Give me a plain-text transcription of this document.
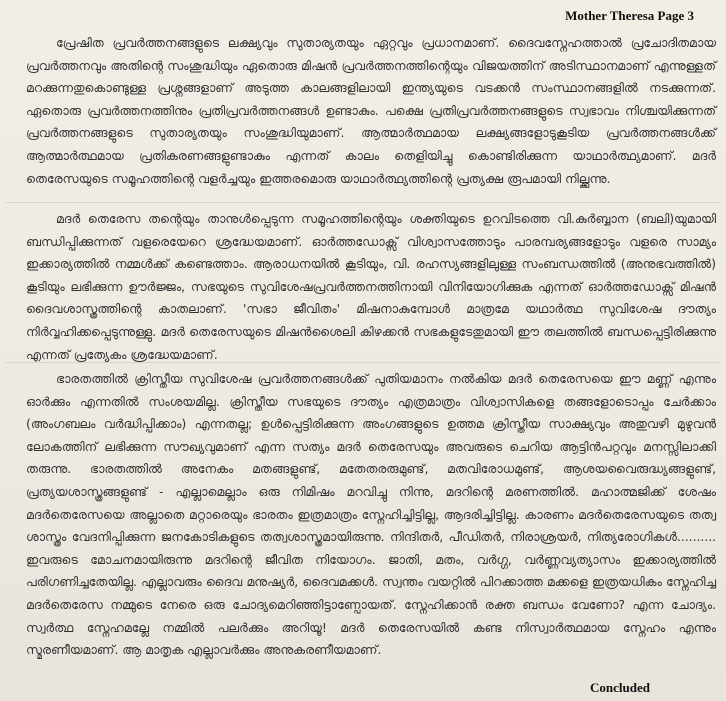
Mother Theresa Page 3
പ്രേഷിത പ്രവർത്തനങ്ങളുടെ ലക്ഷ്യവും സുതാര്യതയും ഏറ്റവും പ്രധാനമാണ്. ദൈവസ്നേഹത്താൽ പ്രചോദിതമായ പ്രവർത്തനവും അതിന്റെ സംശുദ്ധിയും ഏതൊരു മിഷൻ പ്രവർത്തനത്തിന്റെയും വിജയത്തിന് അടിസ്ഥാനമാണ് എന്നുള്ളത് മറക്കുന്നതുകൊണ്ടുള്ള പ്രശ്നങ്ങളാണ് അടുത്ത കാലങ്ങളിലായി ഇന്ത്യയുടെ വടക്കൻ സംസ്ഥാനങ്ങളിൽ നടക്കുന്നത്. ഏതൊരു പ്രവർത്തനത്തിനും പ്രതിപ്രവർത്തനങ്ങൾ ഉണ്ടാകും. പക്ഷെ പ്രതിപ്രവർത്തനങ്ങളുടെ സ്വഭാവം നിശ്ചയിക്കുന്നത് പ്രവർത്തനങ്ങളുടെ സുതാര്യതയും സംശുദ്ധിയുമാണ്. ആത്മാർത്ഥമായ ലക്ഷ്യങ്ങളോടുകൂടിയ പ്രവർത്തനങ്ങൾക്ക് ആത്മാർത്ഥമായ പ്രതികരണങ്ങളുണ്ടാകും എന്നത് കാലം തെളിയിച്ചു കൊണ്ടിരിക്കുന്ന യാഥാർത്ഥ്യമാണ്. മദർ തെരേസയുടെ സമൂഹത്തിന്റെ വളർച്ചയും ഇത്തരമൊരു യാഥാർത്ഥ്യത്തിന്റെ പ്രത്യക്ഷ രൂപമായി നില്ക്കുന്നു.
മദർ തെരേസ തന്റെയും താനുൾപ്പെടുന്ന സമൂഹത്തിന്റെയും ശക്തിയുടെ ഉറവിടത്തെ വി.കുർബ്ബാന (ബലി)യുമായി ബന്ധിപ്പിക്കുന്നത് വളരെയേറെ ശ്രദ്ധേയമാണ്. ഓർത്തഡോക്സ് വിശ്വാസത്തോടും പാരമ്പര്യങ്ങളോടും വളരെ സാമ്യം ഇക്കാര്യത്തിൽ നമ്മൾക്ക് കണ്ടെത്താം. ആരാധനയിൽ കൂടിയും, വി. രഹസ്യങ്ങളിലുള്ള സംബന്ധത്തിൽ (അനുഭവത്തിൽ) കൂടിയും ലഭിക്കുന്ന ഊർജ്ജം, സഭയുടെ സുവിശേഷപ്രവർത്തനത്തിനായി വിനിയോഗിക്കുക എന്നത് ഓർത്തഡോക്സ് മിഷൻ ദൈവശാസ്ത്രത്തിന്റെ കാതലാണ്. 'സഭാ ജീവിതം' മിഷനാകുമ്പോൾ മാത്രമേ യഥാർത്ഥ സുവിശേഷ ദൗത്യം നിർവ്വഹിക്കപ്പെടുന്നുള്ളു. മദർ തെരേസയുടെ മിഷൻശൈലി കിഴക്കൻ സഭകളുടേതുമായി ഈ തലത്തിൽ ബന്ധപ്പെട്ടിരിക്കുന്നു എന്നത് പ്രത്യേകം ശ്രദ്ധേയമാണ്.
ഭാരതത്തിൽ ക്രിസ്തീയ സുവിശേഷ പ്രവർത്തനങ്ങൾക്ക് പുതിയമാനം നൽകിയ മദർ തെരേസയെ ഈ മണ്ണ് എന്നും ഓർക്കും എന്നതിൽ സംശയമില്ല. ക്രിസ്തീയ സഭയുടെ ദൗത്യം എത്രമാത്രം വിശ്വാസികളെ തങ്ങളോടൊപ്പം ചേർക്കാം (അംഗബലം വർദ്ധിപ്പിക്കാം) എന്നതല്ല; ഉൾപ്പെട്ടിരിക്കുന്ന അംഗങ്ങളുടെ ഉത്തമ ക്രിസ്തീയ സാക്ഷ്യവും അതുവഴി മുഴുവൻ ലോകത്തിന് ലഭിക്കുന്ന സൗഖ്യവുമാണ് എന്ന സത്യം മദർ തെരേസയും അവരുടെ ചെറിയ ആട്ടിൻപറ്റവും മനസ്സിലാക്കി തരുന്നു. ഭാരതത്തിൽ അനേകം മതങ്ങളുണ്ട്, മതേതരരുമുണ്ട്, മതവിരോധമുണ്ട്, ആശയവൈരുദ്ധ്യങ്ങളുണ്ട്, പ്രത്യയശാസ്ത്രങ്ങളുണ്ട് - എല്ലാമെല്ലാം ഒരു നിമിഷം മറവിച്ചു നിന്നു, മദറിന്റെ മരണത്തിൽ. മഹാത്മജിക്ക് ശേഷം മദർതെരേസയെ അല്ലാതെ മറ്റാരെയും ഭാരതം ഇത്രമാത്രം സ്നേഹിച്ചിട്ടില്ല, ആദരിച്ചിട്ടില്ല. കാരണം മദർതെരേസയുടെ തത്വ ശാസ്ത്രം വേദനിപ്പിക്കുന്ന ജനകോടികളുടെ തത്വശാസ്ത്രമായിരുന്നു. നിന്ദിതർ, പീഡിതർ, നിരാശ്രയർ, നിത്യരോഗികൾ.......... ഇവരുടെ മോചനമായിരുന്നു മദറിന്റെ ജീവിത നിയോഗം. ജാതി, മതം, വർഗ്ഗ, വർണ്ണവ്യത്യാസം ഇക്കാര്യത്തിൽ പരിഗണിച്ചതേയില്ല. എല്ലാവരും ദൈവ മനുഷ്യർ, ദൈവമക്കൾ. സ്വന്തം വയറ്റിൽ പിറക്കാത്ത മക്കളെ ഇത്രയധികം സ്നേഹിച്ച മദർതെരേസ നമ്മുടെ നേരെ ഒരു ചോദ്യമെറിഞ്ഞിട്ടാണ്പോയത്. സ്നേഹിക്കാൻ രക്ത ബന്ധം വേണോ? എന്ന ചോദ്യം. സ്വർത്ഥ സ്നേഹമല്ലേ നമ്മിൽ പലർക്കും അറിയൂ! മദർ തെരേസയിൽ കണ്ട നിസ്വാർത്ഥമായ സ്നേഹം എന്നും സ്മരണീയമാണ്. ആ മാതൃക എല്ലാവർക്കും അനുകരണീയമാണ്.
Concluded
